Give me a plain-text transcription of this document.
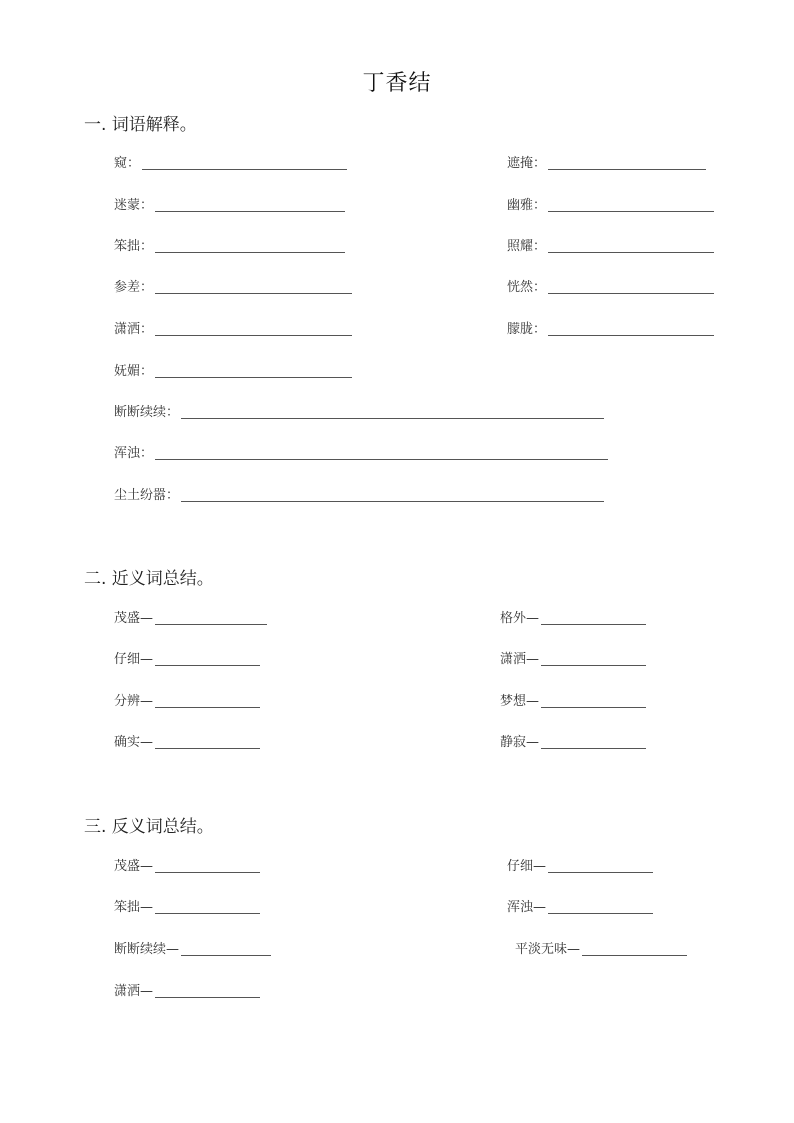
丁香结
一. 词语解释。
窥：	遮掩：
迷蒙：	幽雅：
笨拙：	照耀：
参差：	恍然：
潇洒：	朦胧：
妩媚：
断断续续：
浑浊：
尘土纷嚣：
二. 近义词总结。
茂盛—	格外—
仔细—	潇洒—
分辨—	梦想—
确实—	静寂—
三. 反义词总结。
茂盛—	仔细—
笨拙—	浑浊—
断断续续—	平淡无味—
潇洒—
